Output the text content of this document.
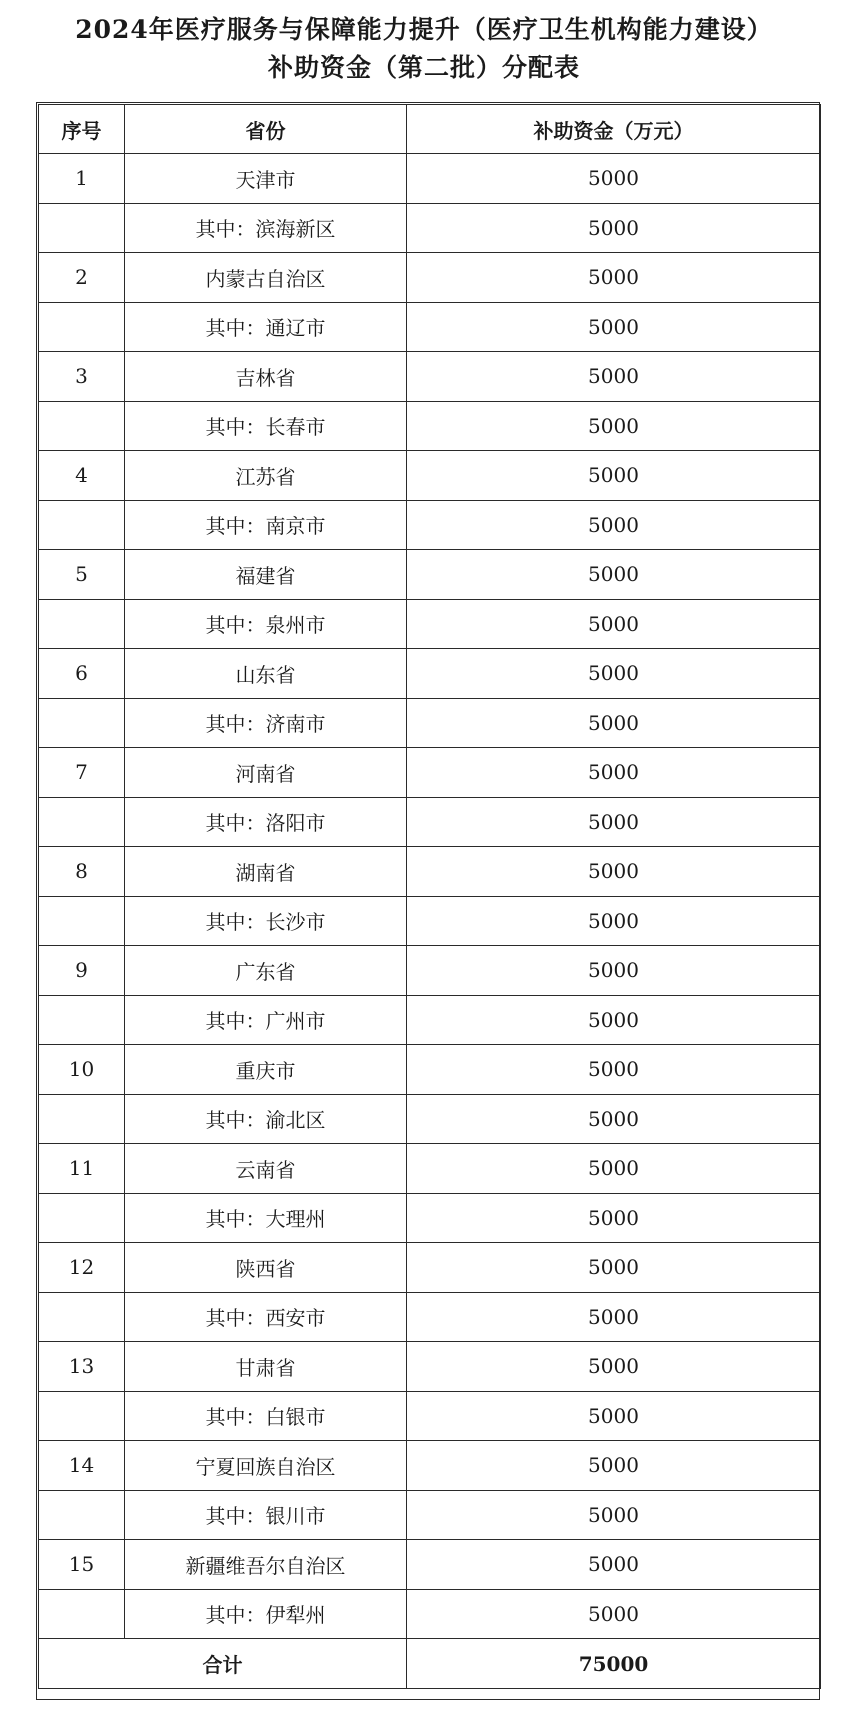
2024年医疗服务与保障能力提升（医疗卫生机构能力建设）
补助资金（第二批）分配表
序号	省份	补助资金（万元）
1	天津市	5000
	其中：滨海新区	5000
2	内蒙古自治区	5000
	其中：通辽市	5000
3	吉林省	5000
	其中：长春市	5000
4	江苏省	5000
	其中：南京市	5000
5	福建省	5000
	其中：泉州市	5000
6	山东省	5000
	其中：济南市	5000
7	河南省	5000
	其中：洛阳市	5000
8	湖南省	5000
	其中：长沙市	5000
9	广东省	5000
	其中：广州市	5000
10	重庆市	5000
	其中：渝北区	5000
11	云南省	5000
	其中：大理州	5000
12	陕西省	5000
	其中：西安市	5000
13	甘肃省	5000
	其中：白银市	5000
14	宁夏回族自治区	5000
	其中：银川市	5000
15	新疆维吾尔自治区	5000
	其中：伊犁州	5000
合计		75000
